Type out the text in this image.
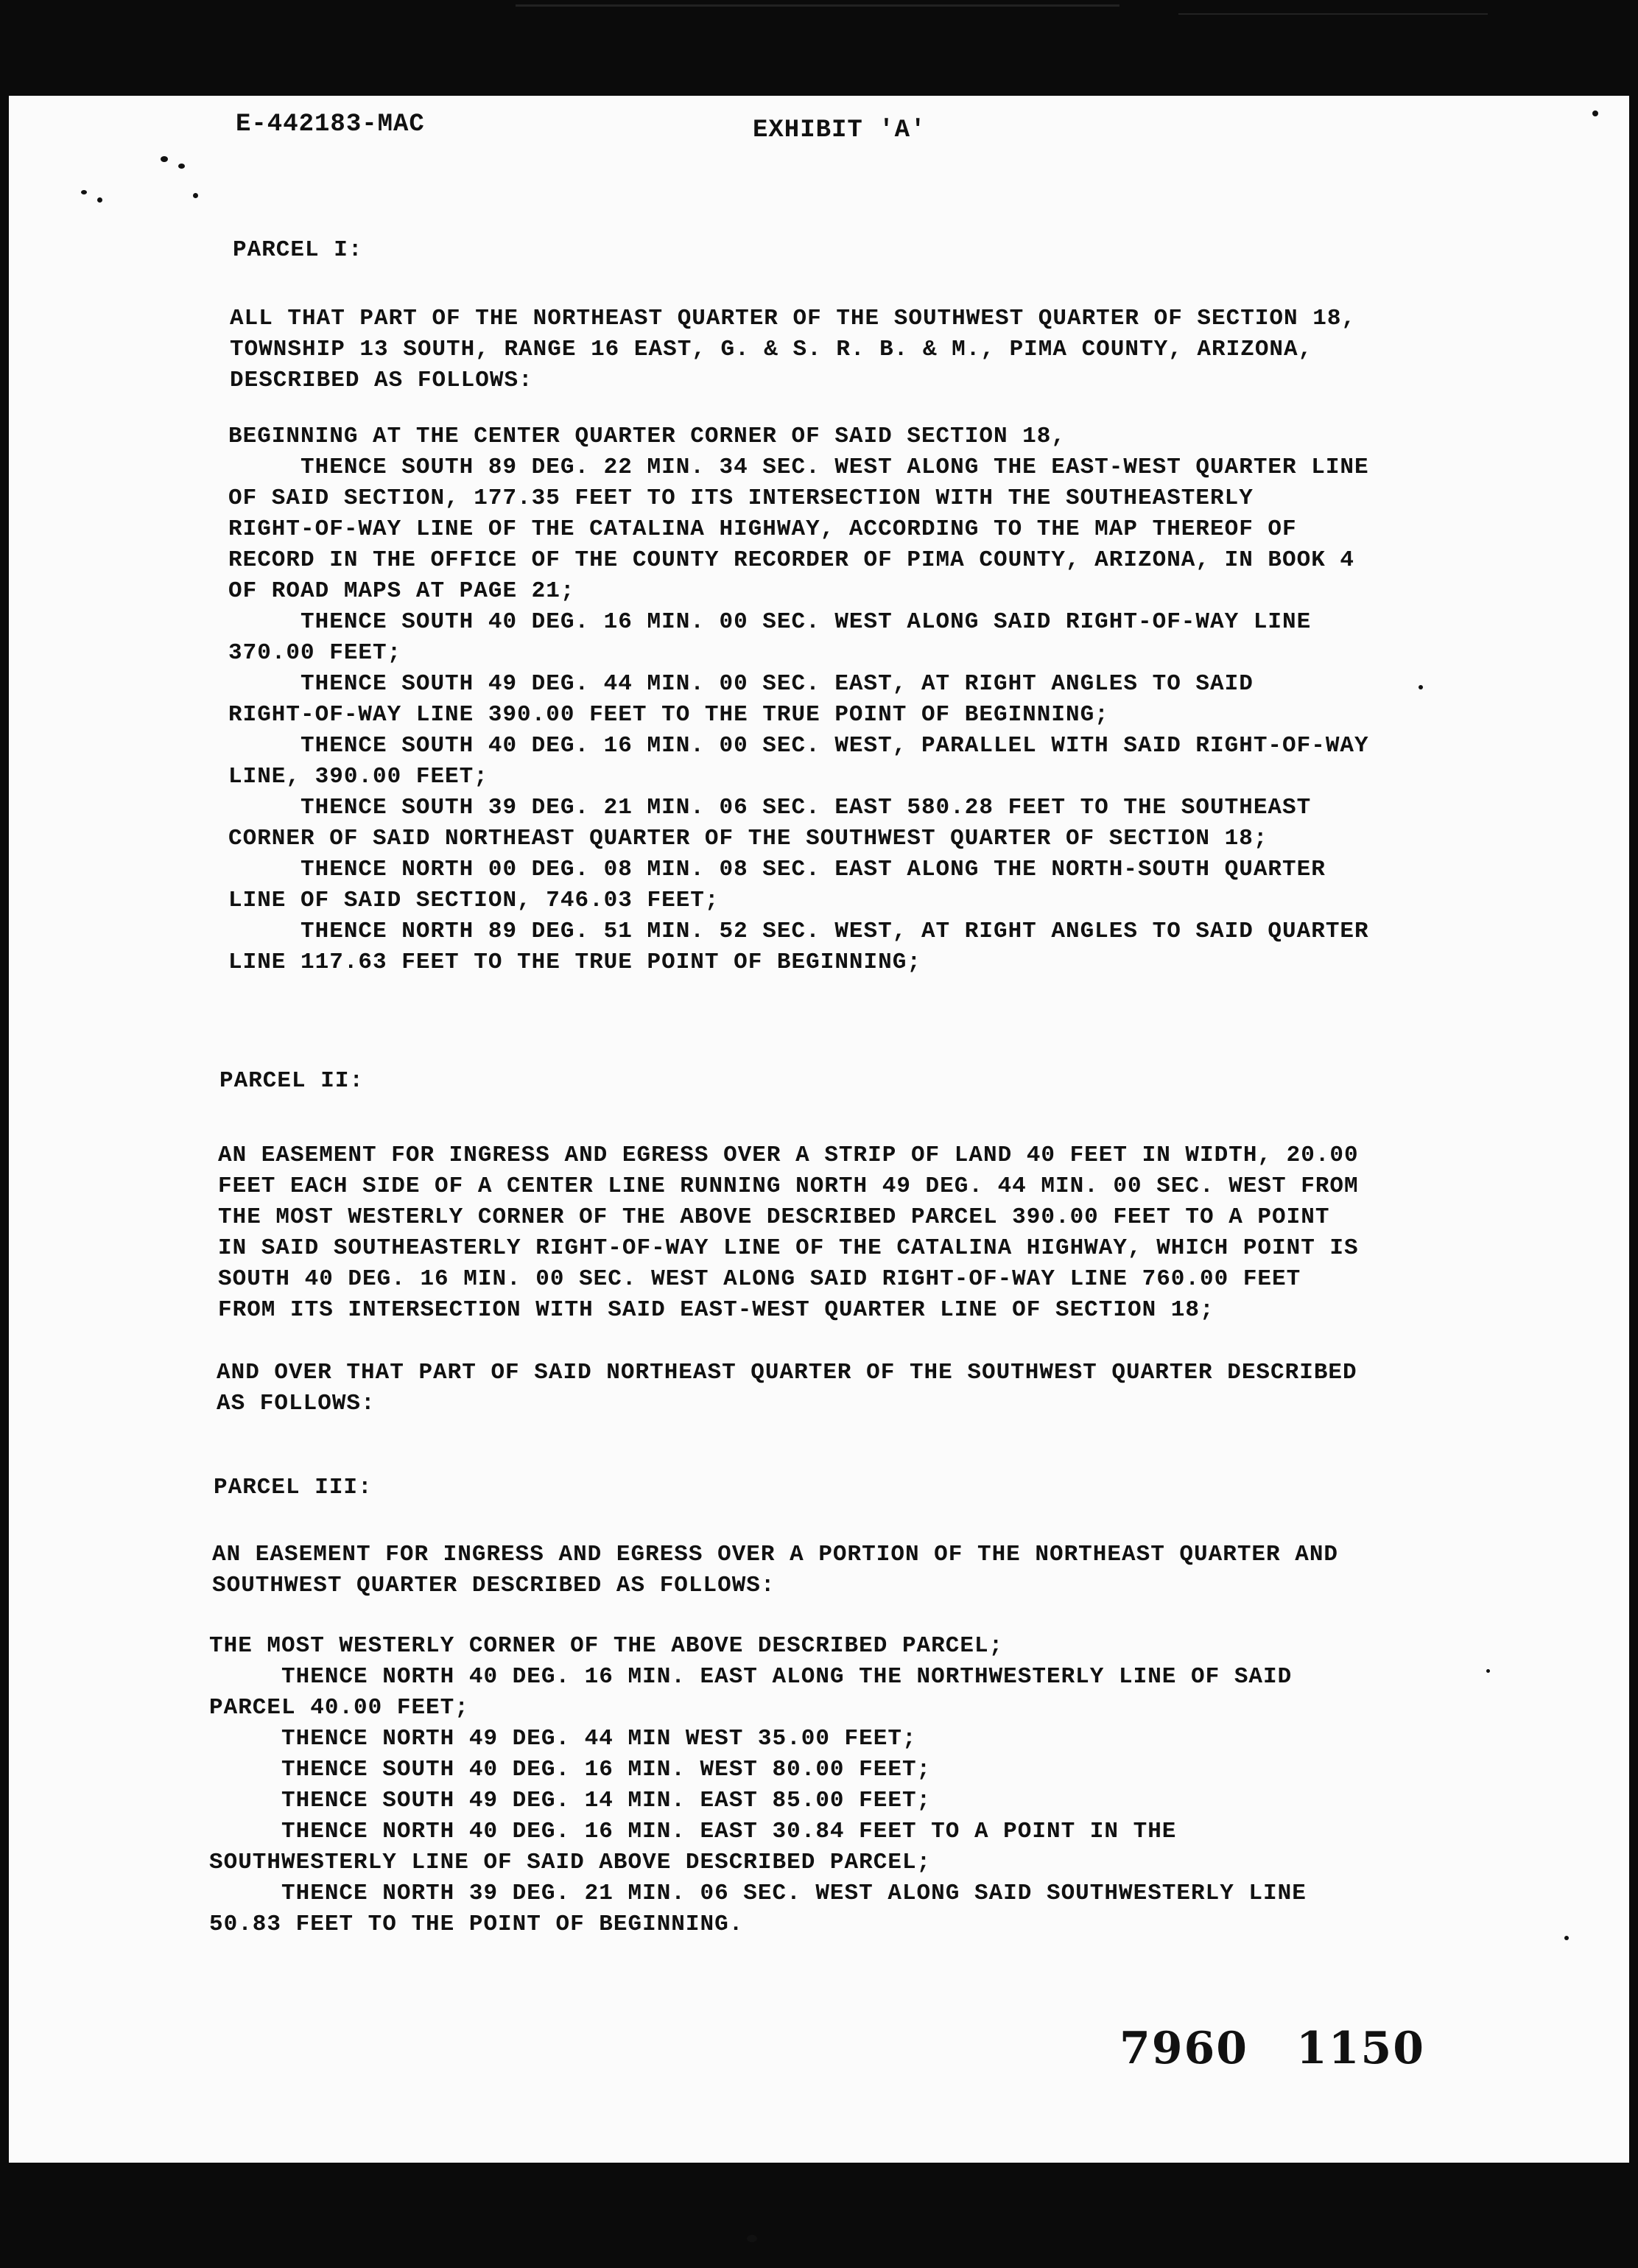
E-442183-MAC	EXHIBIT 'A'
PARCEL I:
ALL THAT PART OF THE NORTHEAST QUARTER OF THE SOUTHWEST QUARTER OF SECTION 18,
TOWNSHIP 13 SOUTH, RANGE 16 EAST, G. & S. R. B. & M., PIMA COUNTY, ARIZONA,
DESCRIBED AS FOLLOWS:
BEGINNING AT THE CENTER QUARTER CORNER OF SAID SECTION 18,
THENCE SOUTH 89 DEG. 22 MIN. 34 SEC. WEST ALONG THE EAST-WEST QUARTER LINE
OF SAID SECTION, 177.35 FEET TO ITS INTERSECTION WITH THE SOUTHEASTERLY
RIGHT-OF-WAY LINE OF THE CATALINA HIGHWAY, ACCORDING TO THE MAP THEREOF OF
RECORD IN THE OFFICE OF THE COUNTY RECORDER OF PIMA COUNTY, ARIZONA, IN BOOK 4
OF ROAD MAPS AT PAGE 21;
THENCE SOUTH 40 DEG. 16 MIN. 00 SEC. WEST ALONG SAID RIGHT-OF-WAY LINE
370.00 FEET;
THENCE SOUTH 49 DEG. 44 MIN. 00 SEC. EAST, AT RIGHT ANGLES TO SAID
RIGHT-OF-WAY LINE 390.00 FEET TO THE TRUE POINT OF BEGINNING;
THENCE SOUTH 40 DEG. 16 MIN. 00 SEC. WEST, PARALLEL WITH SAID RIGHT-OF-WAY
LINE, 390.00 FEET;
THENCE SOUTH 39 DEG. 21 MIN. 06 SEC. EAST 580.28 FEET TO THE SOUTHEAST
CORNER OF SAID NORTHEAST QUARTER OF THE SOUTHWEST QUARTER OF SECTION 18;
THENCE NORTH 00 DEG. 08 MIN. 08 SEC. EAST ALONG THE NORTH-SOUTH QUARTER
LINE OF SAID SECTION, 746.03 FEET;
THENCE NORTH 89 DEG. 51 MIN. 52 SEC. WEST, AT RIGHT ANGLES TO SAID QUARTER
LINE 117.63 FEET TO THE TRUE POINT OF BEGINNING;
PARCEL II:
AN EASEMENT FOR INGRESS AND EGRESS OVER A STRIP OF LAND 40 FEET IN WIDTH, 20.00
FEET EACH SIDE OF A CENTER LINE RUNNING NORTH 49 DEG. 44 MIN. 00 SEC. WEST FROM
THE MOST WESTERLY CORNER OF THE ABOVE DESCRIBED PARCEL 390.00 FEET TO A POINT
IN SAID SOUTHEASTERLY RIGHT-OF-WAY LINE OF THE CATALINA HIGHWAY, WHICH POINT IS
SOUTH 40 DEG. 16 MIN. 00 SEC. WEST ALONG SAID RIGHT-OF-WAY LINE 760.00 FEET
FROM ITS INTERSECTION WITH SAID EAST-WEST QUARTER LINE OF SECTION 18;
AND OVER THAT PART OF SAID NORTHEAST QUARTER OF THE SOUTHWEST QUARTER DESCRIBED
AS FOLLOWS:
PARCEL III:
AN EASEMENT FOR INGRESS AND EGRESS OVER A PORTION OF THE NORTHEAST QUARTER AND
SOUTHWEST QUARTER DESCRIBED AS FOLLOWS:
THE MOST WESTERLY CORNER OF THE ABOVE DESCRIBED PARCEL;
THENCE NORTH 40 DEG. 16 MIN. EAST ALONG THE NORTHWESTERLY LINE OF SAID
PARCEL 40.00 FEET;
THENCE NORTH 49 DEG. 44 MIN WEST 35.00 FEET;
THENCE SOUTH 40 DEG. 16 MIN. WEST 80.00 FEET;
THENCE SOUTH 49 DEG. 14 MIN. EAST 85.00 FEET;
THENCE NORTH 40 DEG. 16 MIN. EAST 30.84 FEET TO A POINT IN THE
SOUTHWESTERLY LINE OF SAID ABOVE DESCRIBED PARCEL;
THENCE NORTH 39 DEG. 21 MIN. 06 SEC. WEST ALONG SAID SOUTHWESTERLY LINE
50.83 FEET TO THE POINT OF BEGINNING.
7960 1150
